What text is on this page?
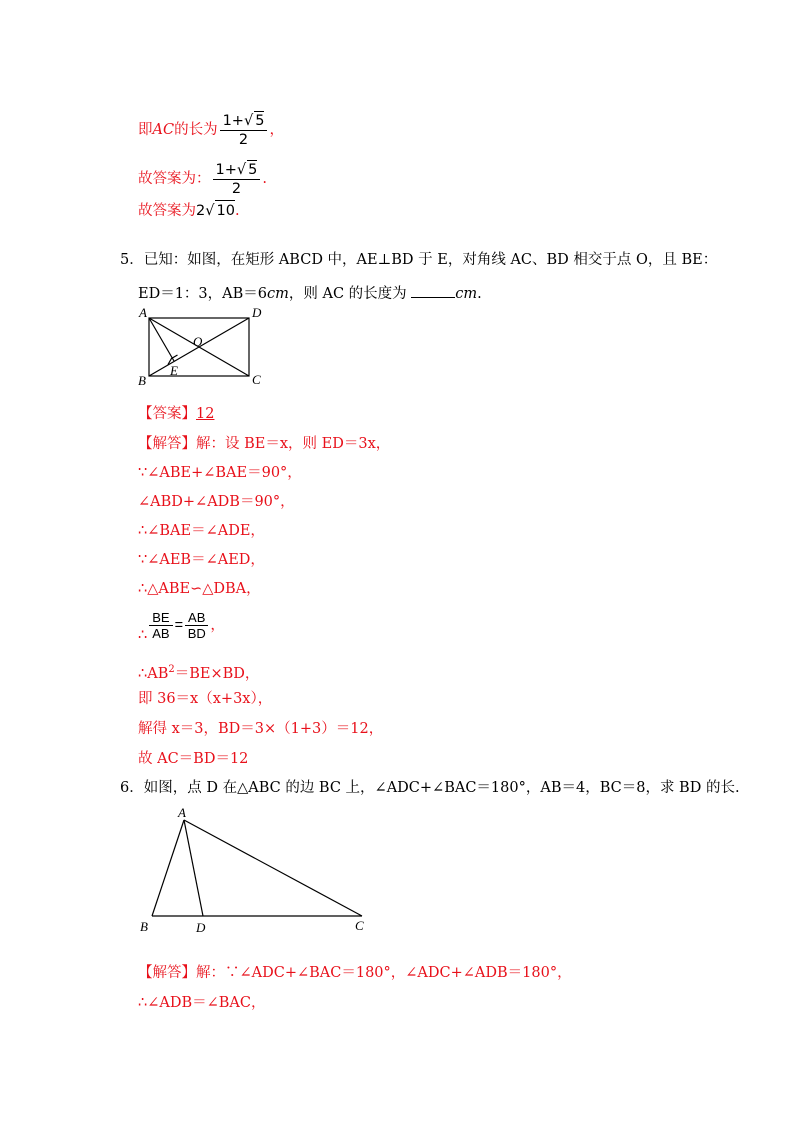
即AC的长为 $\frac{1+√ 5}{2}$ ，
故答案为： $\frac{1+√ 5}{2}$ .
故答案为2√ 10.
5．已知：如图，在矩形 ABCD 中，AE⊥BD 于 E，对角线 AC、BD 相交于点 O，且 BE：
ED＝1：3，AB＝6cm，则 AC 的长度为	cm.
A	D
B	C
E
O
【答案】12
【解答】解：设 BE＝x，则 ED＝3x，
∵∠ABE+∠BAE＝90°，
∠ABD+∠ADB＝90°，
∴∠BAE＝∠ADE，
∵∠AEB＝∠AED，
∴△ABE∽△DBA，
∴ $\frac{BE}{AB} = \frac{AB}{BD}$ ，
$\therefore AB^2=BE\times BD$，
即 36＝x（x+3x），
解得 x＝3，BD＝3×（1+3）＝12，
故 AC＝BD＝12
6．如图，点 D 在△ABC 的边 BC 上，∠ADC+∠BAC＝180°，AB＝4，BC＝8，求 BD 的长.
A
B	D	C
【解答】解：∵∠ADC+∠BAC＝180°，∠ADC+∠ADB＝180°，
∴∠ADB＝∠BAC，
